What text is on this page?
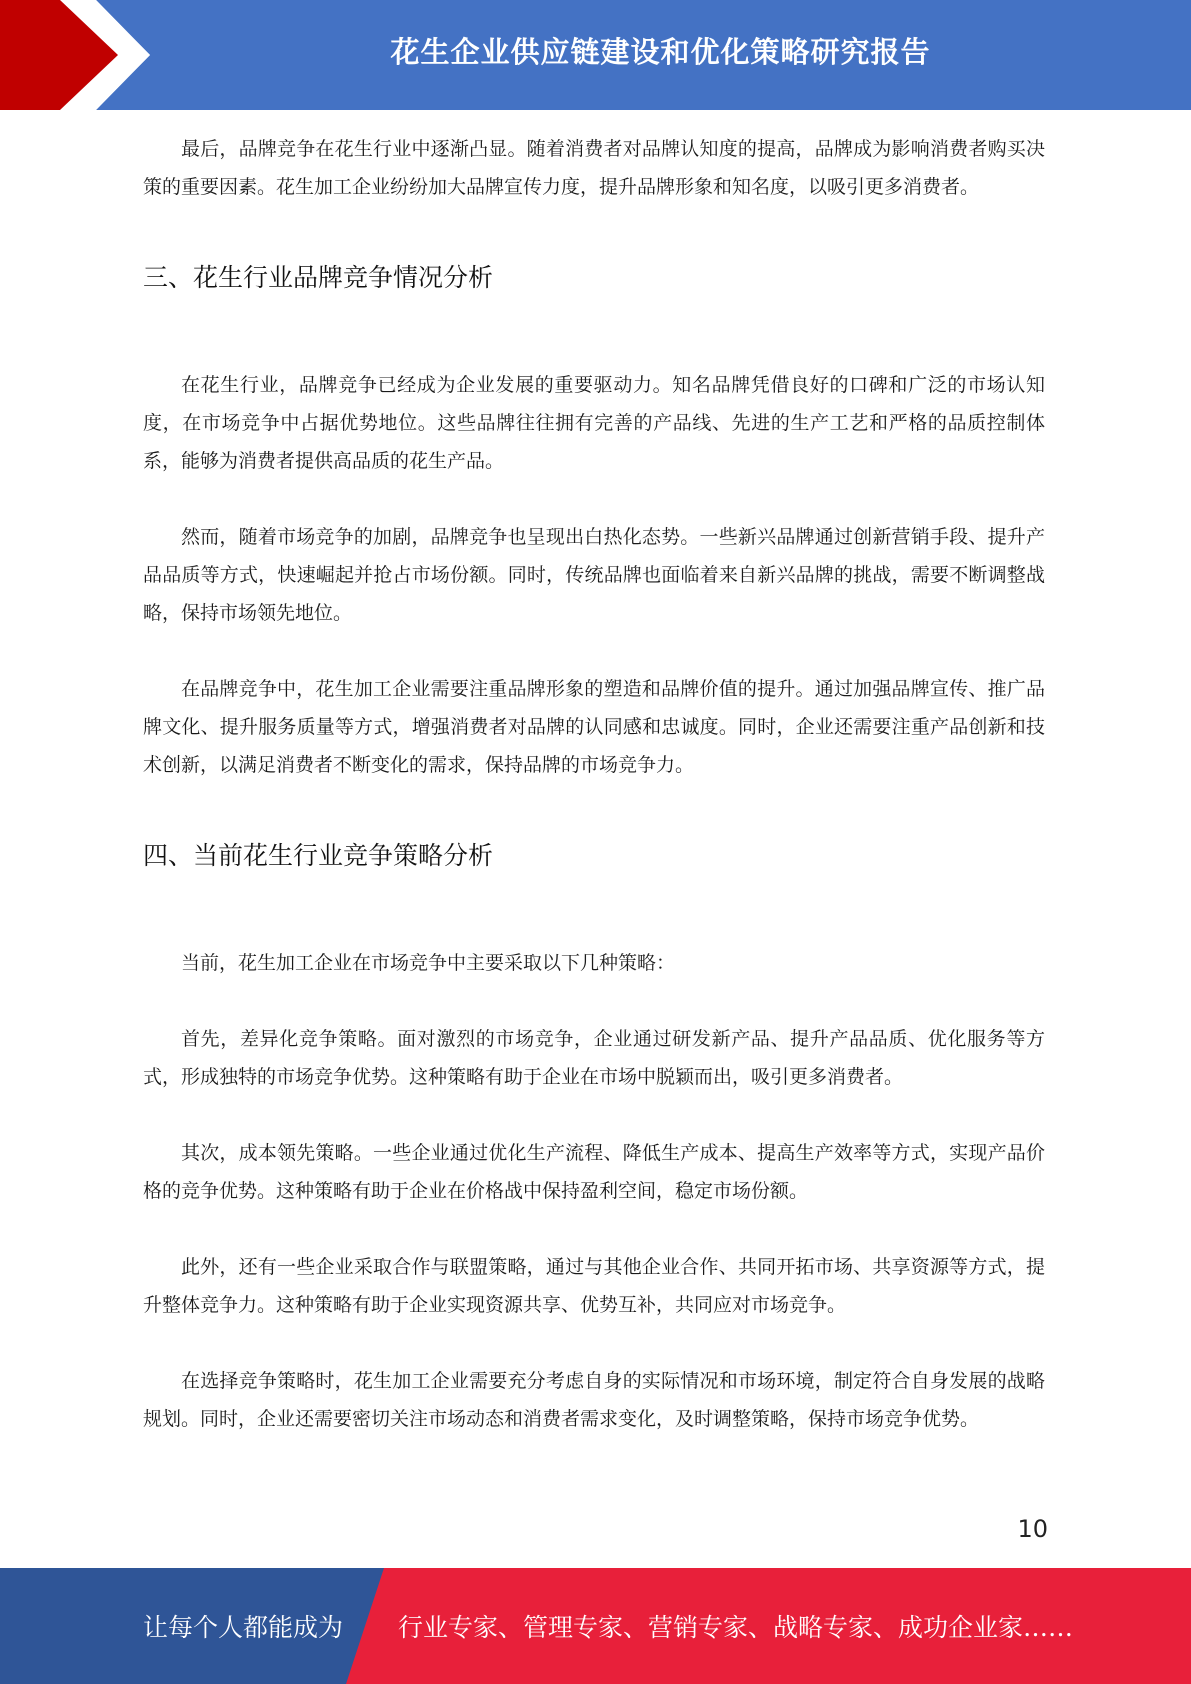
花生企业供应链建设和优化策略研究报告

最后，品牌竞争在花生行业中逐渐凸显。随着消费者对品牌认知度的提高，品牌成为影响消费者购买决策的重要因素。花生加工企业纷纷加大品牌宣传力度，提升品牌形象和知名度，以吸引更多消费者。

三、花生行业品牌竞争情况分析

在花生行业，品牌竞争已经成为企业发展的重要驱动力。知名品牌凭借良好的口碑和广泛的市场认知度，在市场竞争中占据优势地位。这些品牌往往拥有完善的产品线、先进的生产工艺和严格的品质控制体系，能够为消费者提供高品质的花生产品。

然而，随着市场竞争的加剧，品牌竞争也呈现出白热化态势。一些新兴品牌通过创新营销手段、提升产品品质等方式，快速崛起并抢占市场份额。同时，传统品牌也面临着来自新兴品牌的挑战，需要不断调整战略，保持市场领先地位。

在品牌竞争中，花生加工企业需要注重品牌形象的塑造和品牌价值的提升。通过加强品牌宣传、推广品牌文化、提升服务质量等方式，增强消费者对品牌的认同感和忠诚度。同时，企业还需要注重产品创新和技术创新，以满足消费者不断变化的需求，保持品牌的市场竞争力。

四、当前花生行业竞争策略分析

当前，花生加工企业在市场竞争中主要采取以下几种策略：

首先，差异化竞争策略。面对激烈的市场竞争，企业通过研发新产品、提升产品品质、优化服务等方式，形成独特的市场竞争优势。这种策略有助于企业在市场中脱颖而出，吸引更多消费者。

其次，成本领先策略。一些企业通过优化生产流程、降低生产成本、提高生产效率等方式，实现产品价格的竞争优势。这种策略有助于企业在价格战中保持盈利空间，稳定市场份额。

此外，还有一些企业采取合作与联盟策略，通过与其他企业合作、共同开拓市场、共享资源等方式，提升整体竞争力。这种策略有助于企业实现资源共享、优势互补，共同应对市场竞争。

在选择竞争策略时，花生加工企业需要充分考虑自身的实际情况和市场环境，制定符合自身发展的战略规划。同时，企业还需要密切关注市场动态和消费者需求变化，及时调整策略，保持市场竞争优势。

10
让每个人都能成为 行业专家、管理专家、营销专家、战略专家、成功企业家……
